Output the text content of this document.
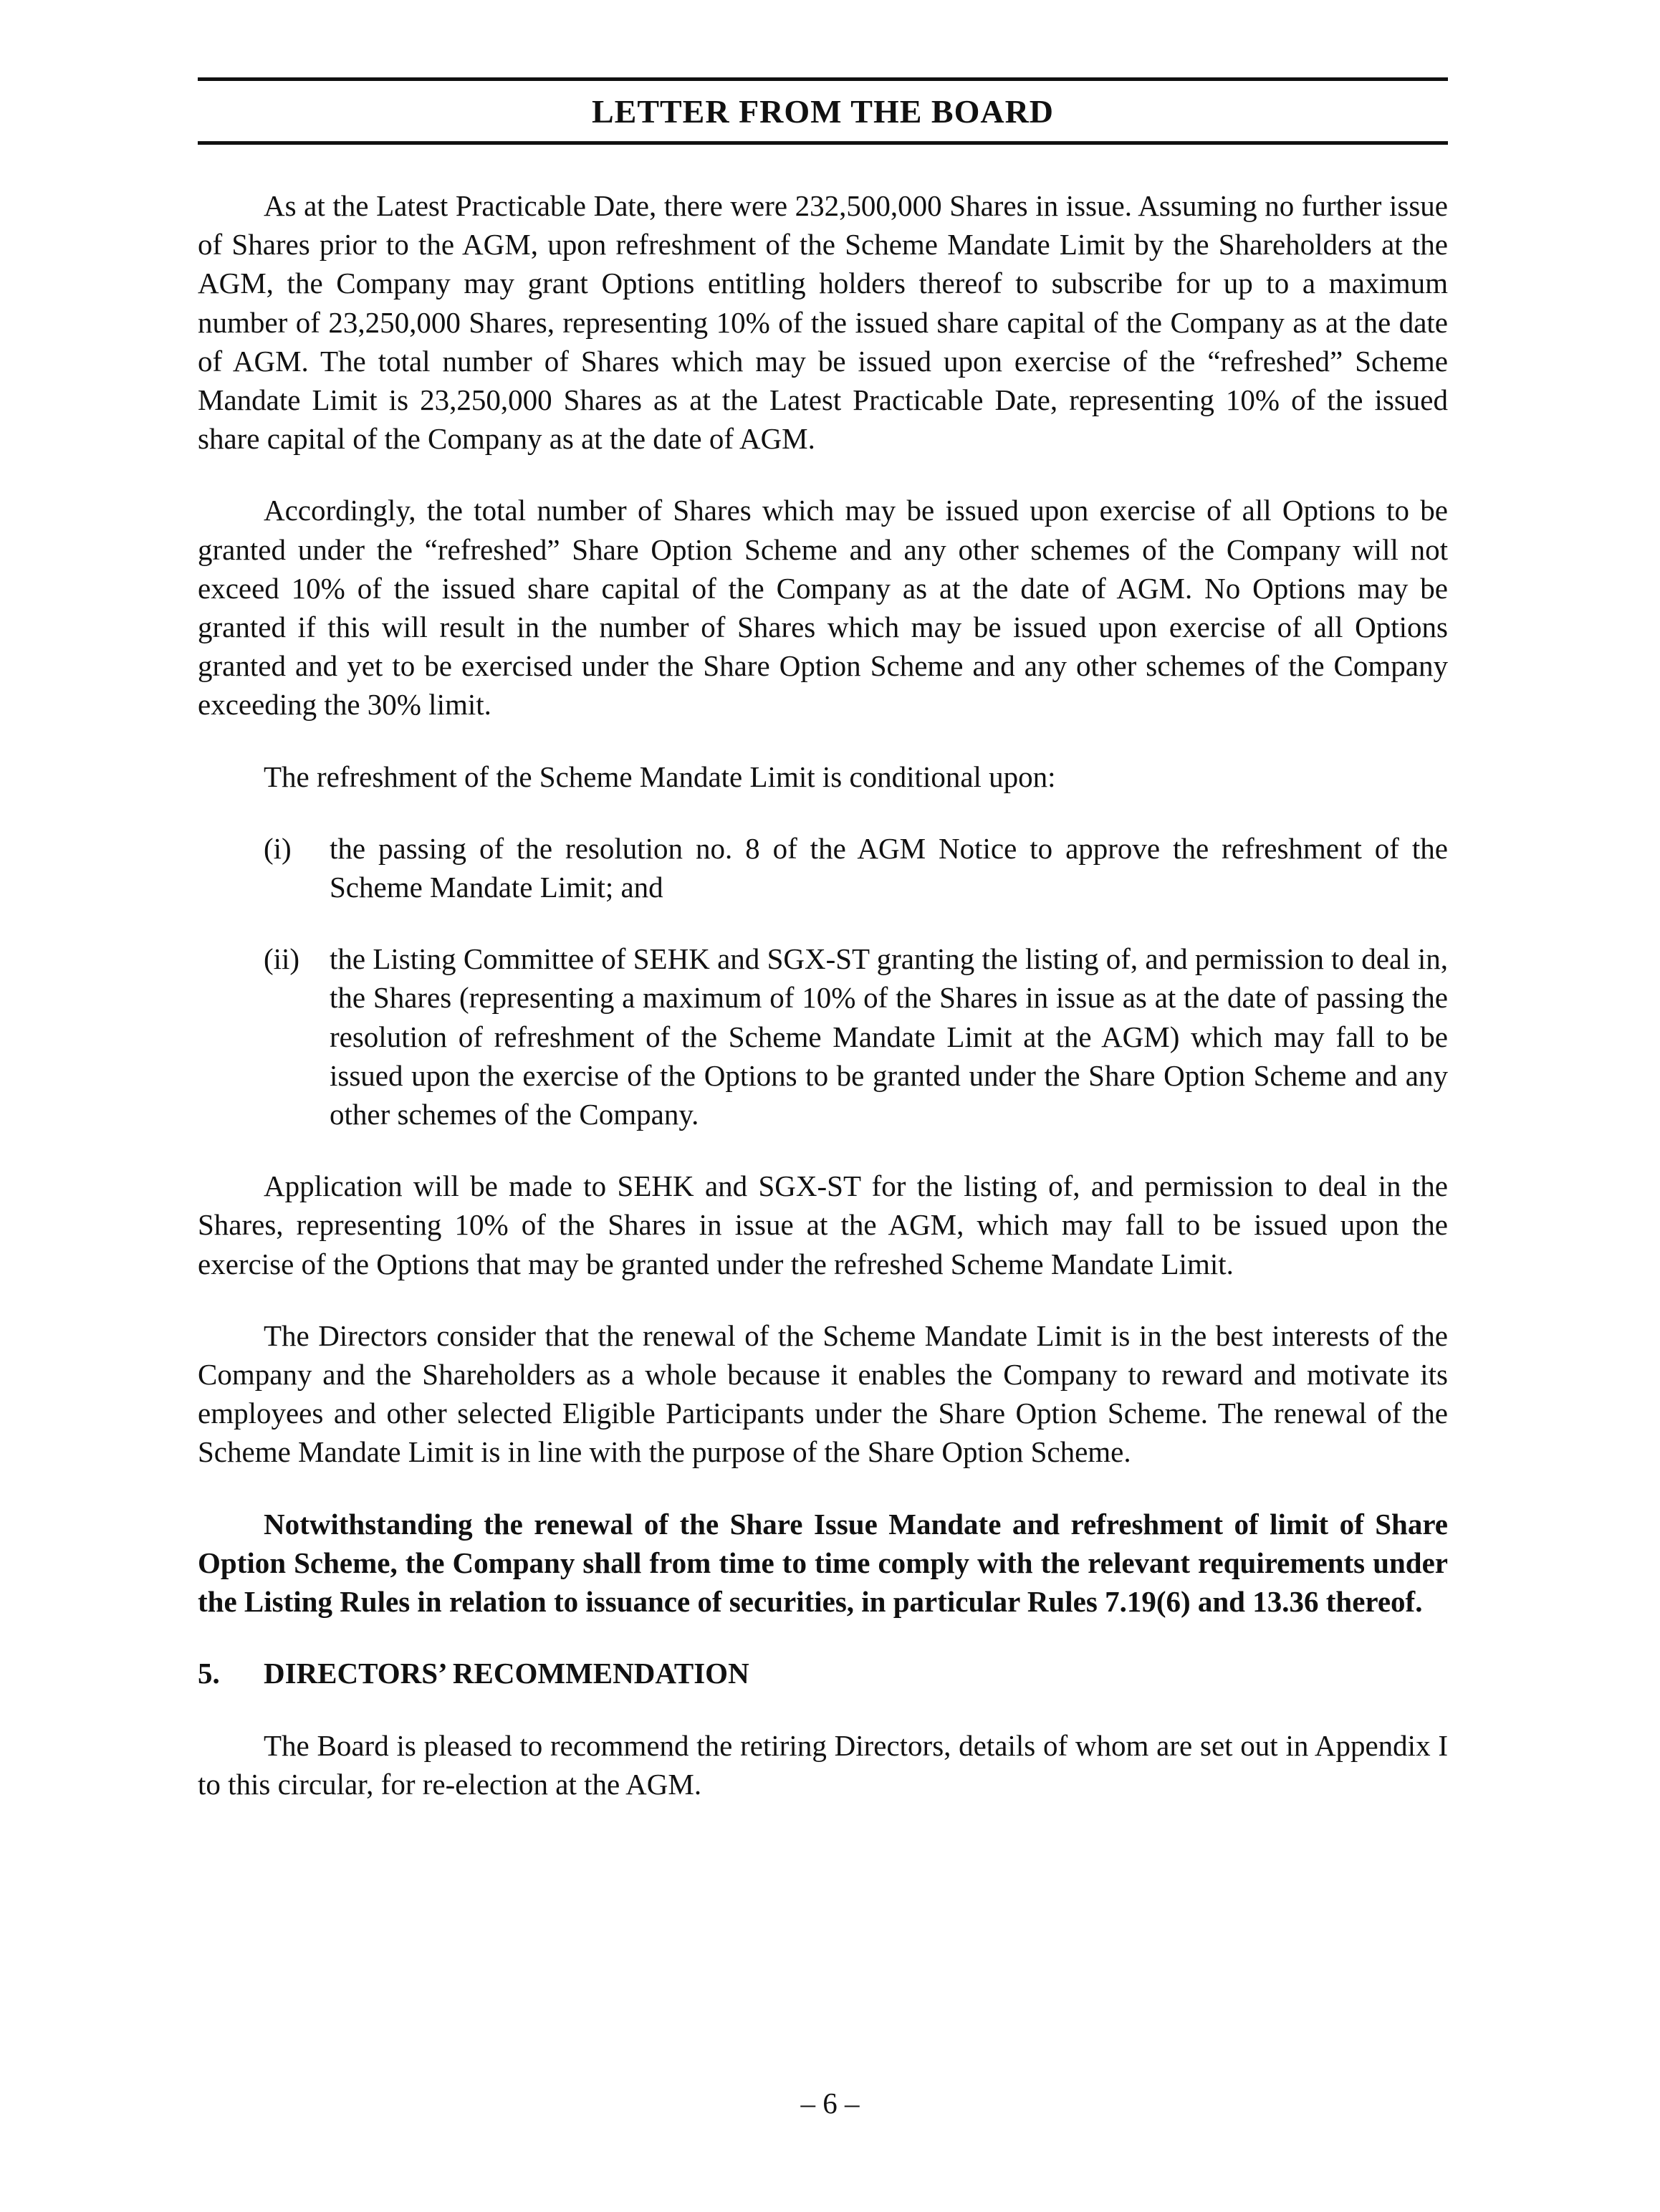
LETTER FROM THE BOARD

As at the Latest Practicable Date, there were 232,500,000 Shares in issue. Assuming no further issue of Shares prior to the AGM, upon refreshment of the Scheme Mandate Limit by the Shareholders at the AGM, the Company may grant Options entitling holders thereof to subscribe for up to a maximum number of 23,250,000 Shares, representing 10% of the issued share capital of the Company as at the date of AGM. The total number of Shares which may be issued upon exercise of the “refreshed” Scheme Mandate Limit is 23,250,000 Shares as at the Latest Practicable Date, representing 10% of the issued share capital of the Company as at the date of AGM.

Accordingly, the total number of Shares which may be issued upon exercise of all Options to be granted under the “refreshed” Share Option Scheme and any other schemes of the Company will not exceed 10% of the issued share capital of the Company as at the date of AGM. No Options may be granted if this will result in the number of Shares which may be issued upon exercise of all Options granted and yet to be exercised under the Share Option Scheme and any other schemes of the Company exceeding the 30% limit.

The refreshment of the Scheme Mandate Limit is conditional upon:

(i)	the passing of the resolution no. 8 of the AGM Notice to approve the refreshment of the Scheme Mandate Limit; and

(ii)	the Listing Committee of SEHK and SGX-ST granting the listing of, and permission to deal in, the Shares (representing a maximum of 10% of the Shares in issue as at the date of passing the resolution of refreshment of the Scheme Mandate Limit at the AGM) which may fall to be issued upon the exercise of the Options to be granted under the Share Option Scheme and any other schemes of the Company.

Application will be made to SEHK and SGX-ST for the listing of, and permission to deal in the Shares, representing 10% of the Shares in issue at the AGM, which may fall to be issued upon the exercise of the Options that may be granted under the refreshed Scheme Mandate Limit.

The Directors consider that the renewal of the Scheme Mandate Limit is in the best interests of the Company and the Shareholders as a whole because it enables the Company to reward and motivate its employees and other selected Eligible Participants under the Share Option Scheme. The renewal of the Scheme Mandate Limit is in line with the purpose of the Share Option Scheme.

Notwithstanding the renewal of the Share Issue Mandate and refreshment of limit of Share Option Scheme, the Company shall from time to time comply with the relevant requirements under the Listing Rules in relation to issuance of securities, in particular Rules 7.19(6) and 13.36 thereof.

5.	DIRECTORS’ RECOMMENDATION

The Board is pleased to recommend the retiring Directors, details of whom are set out in Appendix I to this circular, for re-election at the AGM.

– 6 –
